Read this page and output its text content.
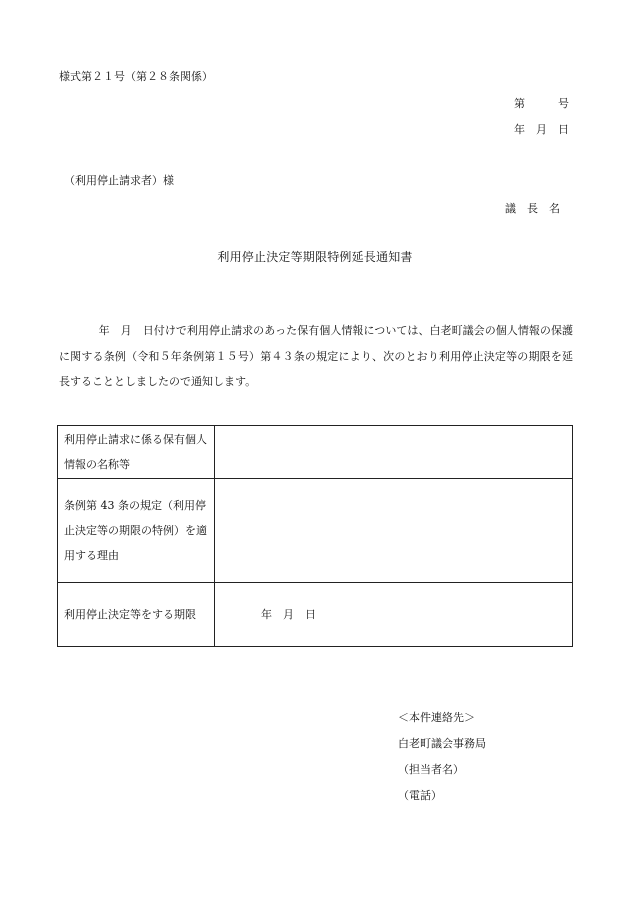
様式第２１号（第２８条関係）
第　　　号
年　月　日
（利用停止請求者）様
議　長　名
利用停止決定等期限特例延長通知書
年　月　日付けで利用停止請求のあった保有個人情報については、白老町議会の個人情報の保護に関する条例（令和５年条例第１５号）第４３条の規定により、次のとおり利用停止決定等の期限を延長することとしましたので通知します。
利用停止請求に係る保有個人情報の名称等	
条例第 43 条の規定（利用停止決定等の期限の特例）を適用する理由	
利用停止決定等をする期限	年　月　日
＜本件連絡先＞
白老町議会事務局
（担当者名）
（電話）
